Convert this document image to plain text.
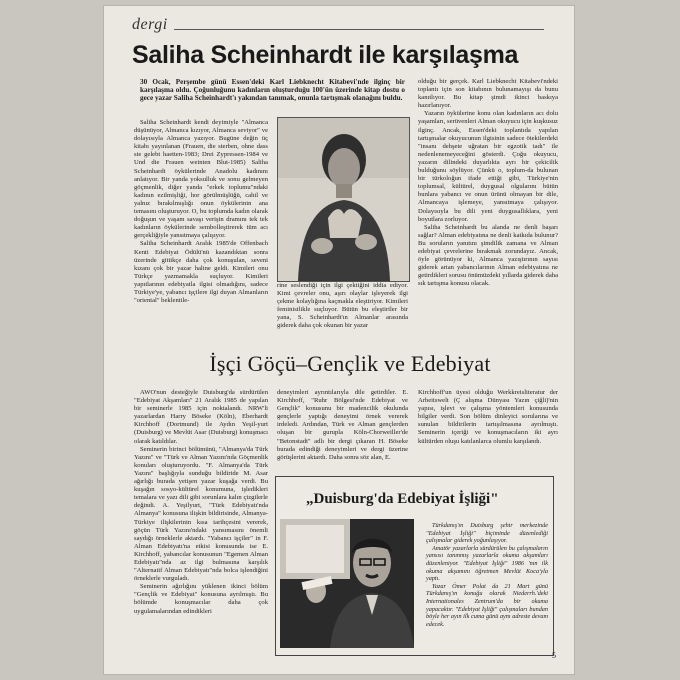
dergi
Saliha Scheinhardt ile karşılaşma
30 Ocak, Perşembe günü Essen'deki Karl Liebknecht Kitabevi'nde ilginç bir karşılaşma oldu. Çoğunluğunu kadınların oluşturduğu 100'ün üzerinde kitap dostu o gece yazar Saliha Scheinhardt'ı yakından tanımak, onunla tartışmak olanağını buldu.

Saliha Scheinhardt kendi deyimiyle "Almanca düşünüyor, Almanca kızıyor, Almanca seviyor" ve dolayısıyla Almanca yazıyor. Bugüne değin üç kitabı yayınlanan (Frauen, die sterben, ohne dass sie gelebt haetten-1983; Drei Zypressen-1984 ve Und die Frauen weinten Blut-1985) Saliha Scheinhardt öykülerinde Anadolu kadınını anlatıyor. Bir yanda yoksulluk ve sonu gelmeyen göçmenlik, diğer yanda "erkek toplumu"ndaki kadının ezilmişliği, hor görülmüşlüğü, cahil ve yalnız bırakılmışlığı onun öykülerinin ana temasını oluşturuyor. O, bu toplumda kadın olarak doğuşun ve yaşam savaşı verişin dramını tek tek kadınların öykülerinde sembolleştirerek tüm acı gerçekliğiyle yansıtmaya çalışıyor.

Saliha Scheinhardt Aralık 1985'de Offenbach Kenti Edebiyat Ödülü'nü kazandıktan sonra üzerinde gittikçe daha çok konuşulan, seveni kızanı çok bir yazar haline geldi. Kimileri onu Türkçe yazmamakla suçluyor. Kimileri yapıtlarının edebiyatla ilgisi olmadığını, sadece Türkiye'ye, yabancı işçilere ilgi duyan Almanların "oriental" beklentile-

rine seslendiği için ilgi çektiğini iddia ediyor. Kimi çevreler onu, aşırı olaylar işleyerek ilgi çekme kolaylığına kaçmakla eleştiriyor. Kimileri feministlikle suçluyor. Bütün bu eleştiriler bir yana, S. Scheinhardt'ın Almanlar arasında giderek daha çok okunan bir yazar

olduğu bir gerçek. Karl Liebknecht Kitabevi'ndeki toplantı için son kitabının bulunamayışı da bunu kanıtlıyor. Bu kitap şimdi ikinci baskıya hazırlanıyor.

Yazarın öykülerine konu olan kadınların acı dolu yaşamları, serüvenleri Alman okuyucu için kuşkusuz ilginç. Ancak, Essen'deki toplantıda yapılan tartışmalar okuyucunun ilgisinin sadece ötekilerdeki "insanı dehşete uğratan bir egzotik tadı" ile nedenlenemeyeceğini gösterdi. Çoğu okuyucu, yazarın dilindeki duyarlıkta ayrı bir çekicilik bulduğunu söylüyor. Çünkü o, toplum-da bulunan bir türkoloğun ifade ettiği gibi, Türkiye'nin toplumsal, kültürel, duygusal olgularını bütün bunlara yabancı ve onun ürünü olmayan bir dile, Almancaya işlemeye, yansıtmaya çalışıyor. Dolayısıyla bu dili yeni duygusallıklara, yeni boyutlara zorluyor.

Saliha Scheinhardt bu alanda ne denli başarı sağlar? Alman edebiyatına ne denli katkıda bulunur? Bu soruların yanıtını şimdilik zamana ve Alman edebiyat çevrelerine bırakmak zorundayız. Ancak, öyle görünüyor ki, Almanca yazıştırının sayısı giderek artan yabancılarının Alman edebiyatına ne getirdikleri sorusu önümüzdeki yıllarda giderek daha sık tartışma konusu olacak.

İşçi Göçü–Gençlik ve Edebiyat

AWO'nun desteğiyle Duisburg'da sürdürülen "Edebiyat Akşamları" 21 Aralık 1985 de yapılan bir seminerle 1985 için noktalandı. NRW'li yazarlardan Harry Böseke (Köln), Eberhardt Kirchhoff (Dortmund) ile Aydın Yeşil-yurt (Duisburg) ve Mevlüt Asar (Duisburg) konuşmacı olarak katıldılar.

Seminerin birinci bölümünü, "Almanya'da Türk Yazını" ve "Türk ve Alman Yazını'nda Göçmenlik konuları oluşturuyordu. "F. Almanya'da Türk Yazını" başlığıyla sunduğu bildiride M. Asar ağırlığı burada yetişen yazar kuşağa verdi. Bu kuşağın sosyo-kültürel konumuna, işledikleri temalara ve yazı dili gibi sorunlara kalın çizgilerle değindi. A. Yeşilyurt, "Türk Edebiyatı'nda Almanya" konusuna ilişkin bildirisinde, Almanya-Türkiye ilişkilerinin kısa tarihçesini vererek, göçün Türk Yazını'ndaki yansımasını önemli saydığı örneklerle aktardı. "Yabancı işçiler" in F. Alman Edebiyatı'na etkisi konusunda ise E. Kirchhoff, yabancılar konusunun "Egemen Alman Edebiyatı"nda az ilgi bulmasına karşılık "Alternatif Alman Edebiyatı"nda bolca işlendiğini örneklerle vurguladı.

Seminerin ağırlığını yüklenen ikinci bölüm "Gençlik ve Edebiyat" konusuna ayrılmıştı. Bu bölümde konuşmacılar daha çok uygulamalarından edindikleri

deneyimleri ayrıntılarıyla dile getirdiler. E. Kirchhoff, "Ruhr Bölgesi'nde Edebiyat ve Gençlik" konusunu bir madencilik okulunda gençlerle yaptığı deneyimi örnek vererek irdeledi. Ardından, Türk ve Alman gençlerden oluşan bir gurupla Köln-Chorweiller'de "Betonstadt" adlı bir dergi çıkaran H. Böseke burada edindiği deneyimleri ve dergi üzerine görüşlerini aktardı. Daha sonra söz alan, E.

Kirchhoff'un üyesi olduğu Werkkreisliteratur der Arbeitswelt (Ç alışma Dünyası Yazın çiğli)'nin yapısı, işlevi ve çalışma yöntemleri konusunda bilgiler verdi. Son bölüm dinleyici sorularına ve sunulan bildirilerin tartışılmasına ayrılmıştı. Seminerin içeriği ve konuşmacıların iki ayrı kültürden oluşu katılanlarca olumlu karşılandı.

„Duisburg'da Edebiyat İşliği"

Türkdanış'ın Duisburg şehir merkezinde "Edebiyat İşliği" biçiminde düzenlediği çalışmalar giderek yoğunlaşıyor.

Amatör yazarlarla sürdürülen bu çalışmaların yansısı tanınmış yazarlarla okuma akşamları düzenleniyor. "Edebiyat İşliği" 1986 'nın ilk okuma akşamını öğretmen Mevlüt Koca'yla yaptı.

Yazar Ömer Polat da 21 Mart günü Türkdanış'ın konuğu olarak Niederrh.'deki Internationales Zentrum'da bir okuma yapacaktır. "Edebiyat İşliği" çalışmaları bundan böyle her ayın ilk cuma günü aynı adreste devam edecek.

5
